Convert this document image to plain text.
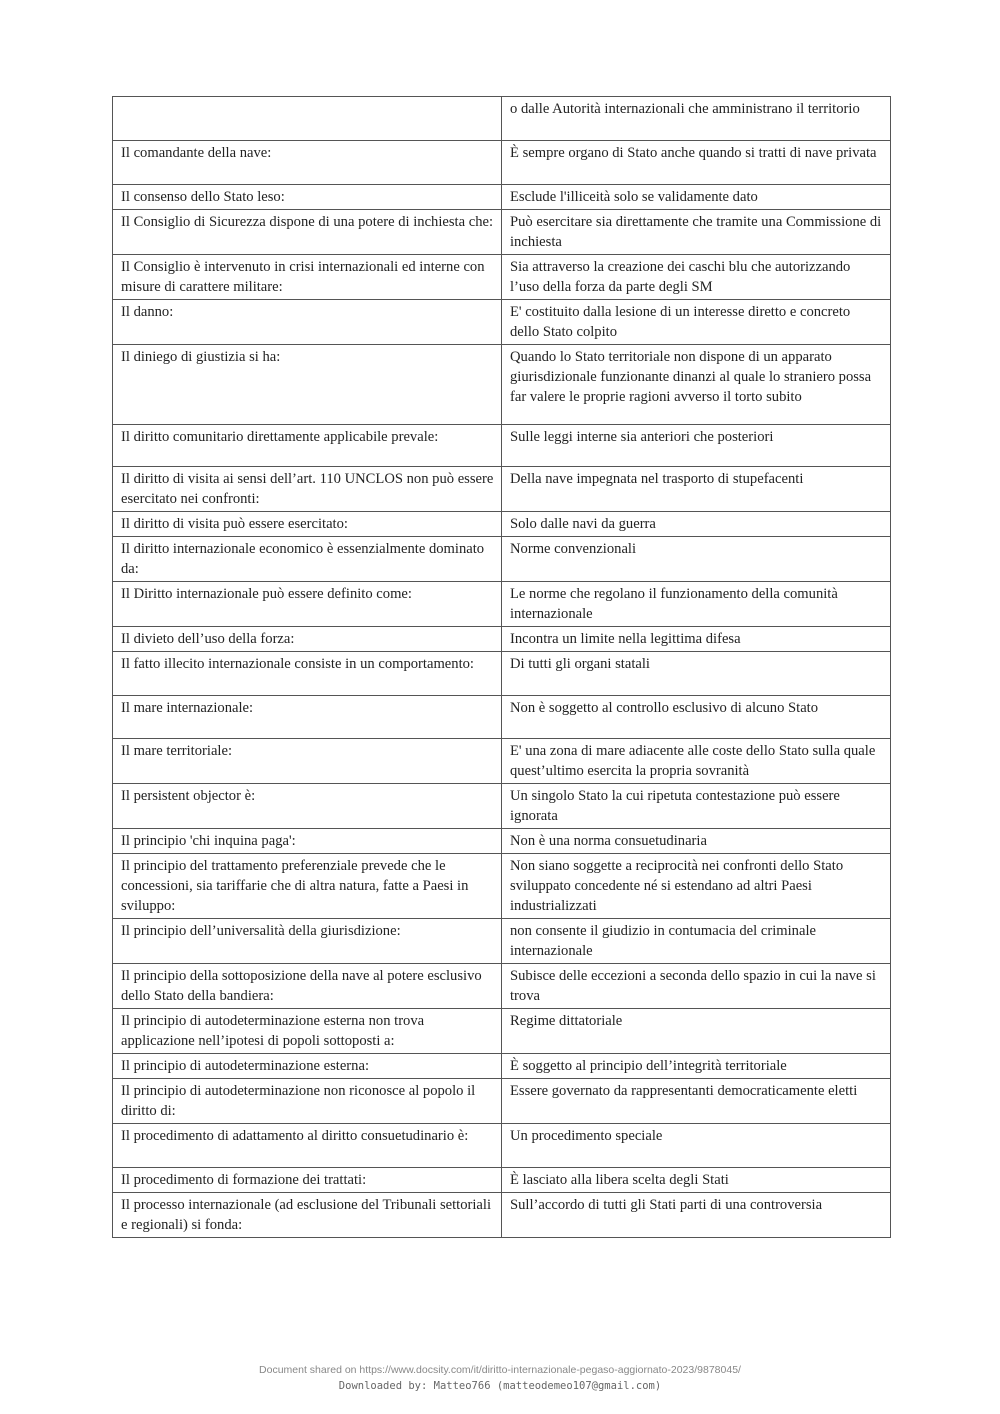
	o dalle Autorità internazionali che amministrano il territorio
Il comandante della nave:	È sempre organo di Stato anche quando si tratti di nave privata
Il consenso dello Stato leso:	Esclude l'illiceità solo se validamente dato
Il Consiglio di Sicurezza dispone di una potere di inchiesta che:	Può esercitare sia direttamente che tramite una Commissione di inchiesta
Il Consiglio è intervenuto in crisi internazionali ed interne con misure di carattere militare:	Sia attraverso la creazione dei caschi blu che autorizzando l’uso della forza da parte degli SM
Il danno:	E' costituito dalla lesione di un interesse diretto e concreto dello Stato colpito
Il diniego di giustizia si ha:	Quando lo Stato territoriale non dispone di un apparato giurisdizionale funzionante dinanzi al quale lo straniero possa far valere le proprie ragioni avverso il torto subito
Il diritto comunitario direttamente applicabile prevale:	Sulle leggi interne sia anteriori che posteriori
Il diritto di visita ai sensi dell’art. 110 UNCLOS non può essere esercitato nei confronti:	Della nave impegnata nel trasporto di stupefacenti
Il diritto di visita può essere esercitato:	Solo dalle navi da guerra
Il diritto internazionale economico è essenzialmente dominato da:	Norme convenzionali
Il Diritto internazionale può essere definito come:	Le norme che regolano il funzionamento della comunità internazionale
Il divieto dell’uso della forza:	Incontra un limite nella legittima difesa
Il fatto illecito internazionale consiste in un comportamento:	Di tutti gli organi statali
Il mare internazionale:	Non è soggetto al controllo esclusivo di alcuno Stato
Il mare territoriale:	E' una zona di mare adiacente alle coste dello Stato sulla quale quest’ultimo esercita la propria sovranità
Il persistent objector è:	Un singolo Stato la cui ripetuta contestazione può essere ignorata
Il principio 'chi inquina paga':	Non è una norma consuetudinaria
Il principio del trattamento preferenziale prevede che le concessioni, sia tariffarie che di altra natura, fatte a Paesi in sviluppo:	Non siano soggette a reciprocità nei confronti dello Stato sviluppato concedente né si estendano ad altri Paesi industrializzati
Il principio dell’universalità della giurisdizione:	non consente il giudizio in contumacia del criminale internazionale
Il principio della sottoposizione della nave al potere esclusivo dello Stato della bandiera:	Subisce delle eccezioni a seconda dello spazio in cui la nave si trova
Il principio di autodeterminazione esterna non trova applicazione nell’ipotesi di popoli sottoposti a:	Regime dittatoriale
Il principio di autodeterminazione esterna:	È soggetto al principio dell’integrità territoriale
Il principio di autodeterminazione non riconosce al popolo il diritto di:	Essere governato da rappresentanti democraticamente eletti
Il procedimento di adattamento al diritto consuetudinario è:	Un procedimento speciale
Il procedimento di formazione dei trattati:	È lasciato alla libera scelta degli Stati
Il processo internazionale (ad esclusione del Tribunali settoriali e regionali) si fonda:	Sull’accordo di tutti gli Stati parti di una controversia
Document shared on https://www.docsity.com/it/diritto-internazionale-pegaso-aggiornato-2023/9878045/
Downloaded by: Matteo766 (matteodemeo107@gmail.com)
